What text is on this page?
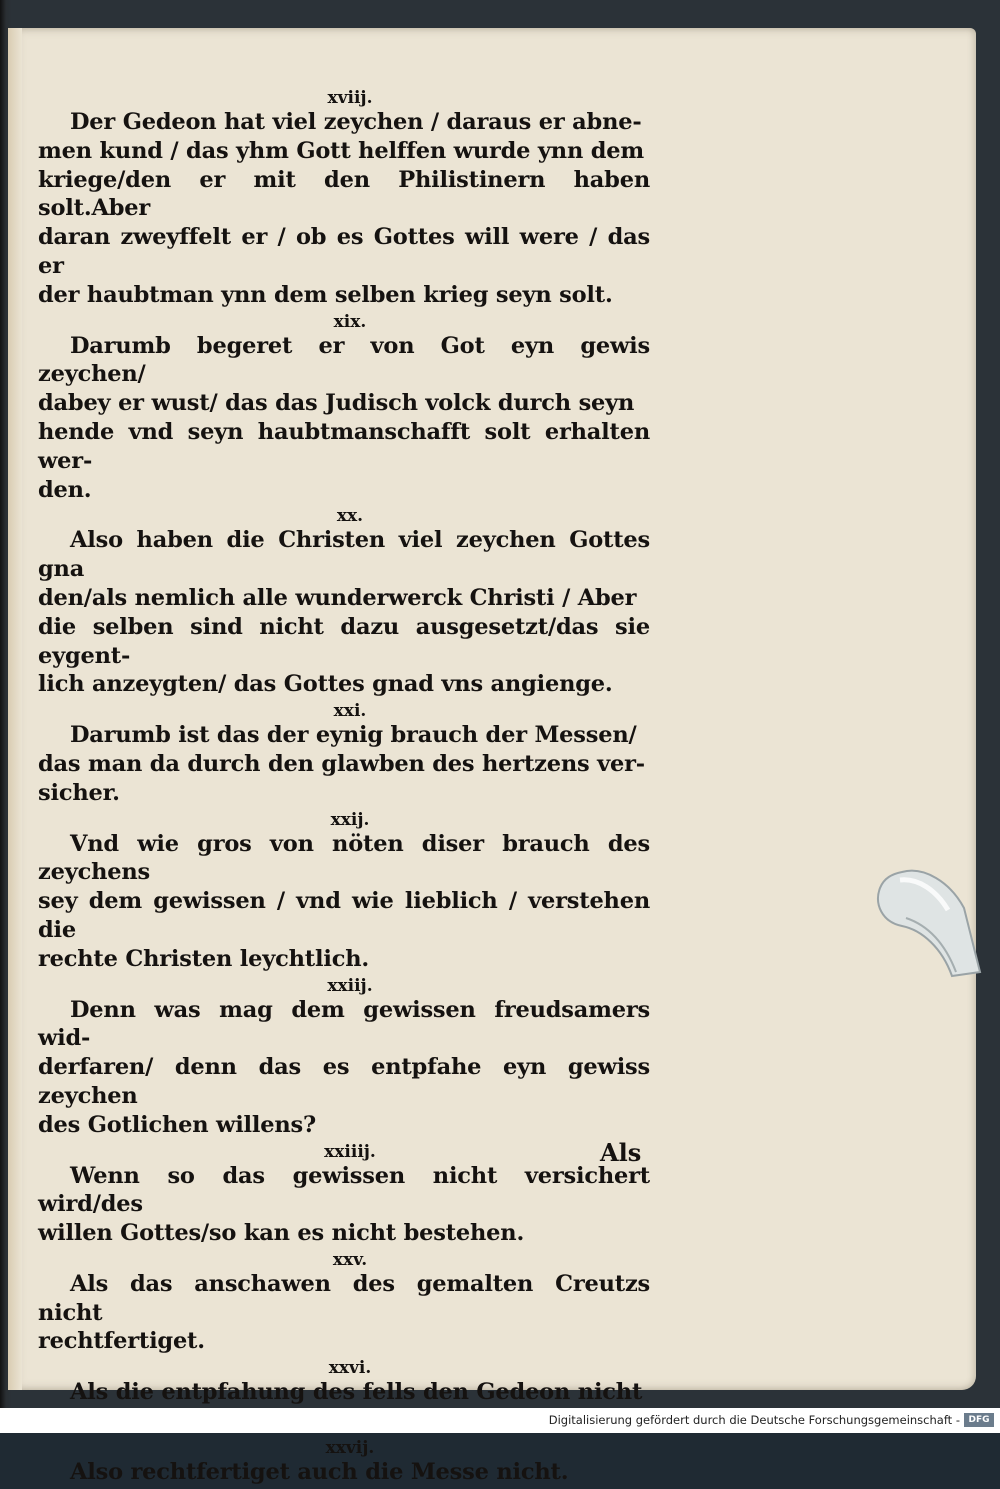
xviij.
Der Gedeon hat viel zeychen / daraus er abne-
men kund / das yhm Gott helffen wurde ynn dem
kriege/den er mit den Philistinern haben solt.Aber
daran zweyffelt er / ob es Gottes will were / das er
der haubtman ynn dem selben krieg seyn solt.
xix.
Darumb begeret er von Got eyn gewis zeychen/
dabey er wust/ das das Judisch volck durch seyn
hende vnd seyn haubtmanschafft solt erhalten wer-
den.
xx.
Also haben die Christen viel zeychen Gottes gna
den/als nemlich alle wunderwerck Christi / Aber
die selben sind nicht dazu ausgesetzt/das sie eygent-
lich anzeygten/ das Gottes gnad vns angienge.
xxi.
Darumb ist das der eynig brauch der Messen/
das man da durch den glawben des hertzens ver-
sicher.
xxij.
Vnd wie gros von nöten diser brauch des zeychens
sey dem gewissen / vnd wie lieblich / verstehen die
rechte Christen leychtlich.
xxiij.
Denn was mag dem gewissen freudsamers wid-
derfaren/ denn das es entpfahe eyn gewiss zeychen
des Gotlichen willens?
xxiiij.
Wenn so das gewissen nicht versichert wird/des
willen Gottes/so kan es nicht bestehen.
xxv.
Als das anschawen des gemalten Creutzs nicht
rechtfertiget.
xxvi.
Als die entpfahung des fells den Gedeon nicht

xxvij.
Also rechtfertiget auch die Messe nicht.
Als
Digitalisierung gefördert durch die Deutsche Forschungsgemeinschaft - DFG
